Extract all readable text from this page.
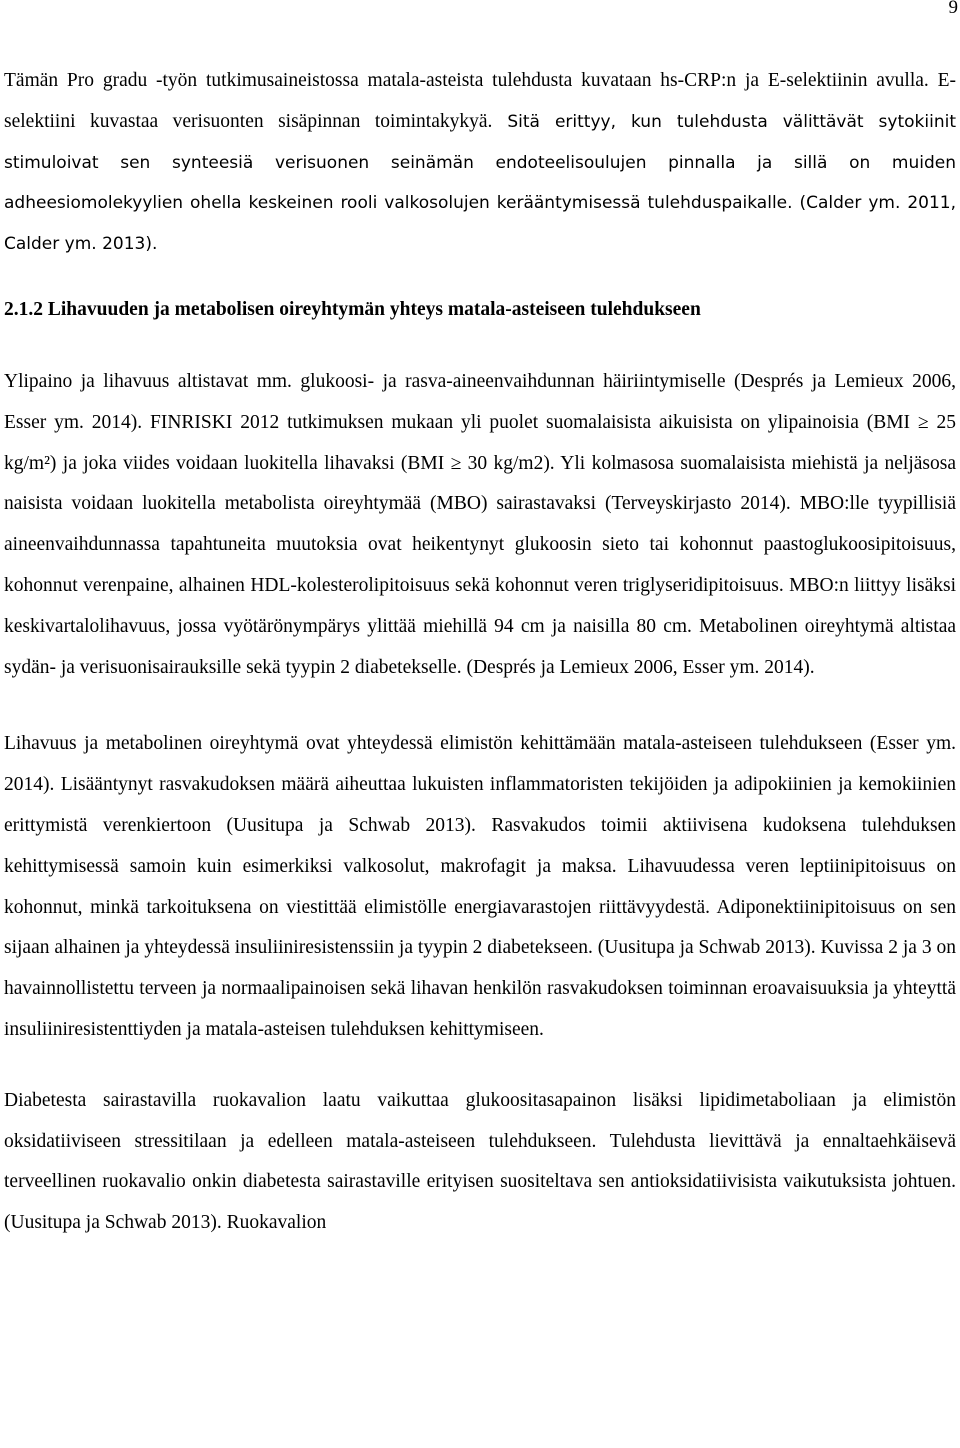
9

Tämän Pro gradu -työn tutkimusaineistossa matala-asteista tulehdusta kuvataan hs-CRP:n ja E-selektiinin avulla. E-selektiini kuvastaa verisuonten sisäpinnan toimintakykyä. Sitä erittyy, kun tulehdusta välittävät sytokiinit stimuloivat sen synteesiä verisuonen seinämän endoteelisoulujen pinnalla ja sillä on muiden adheesiomolekyylien ohella keskeinen rooli valkosolujen kerääntymisessä tulehduspaikalle. (Calder ym. 2011, Calder ym. 2013).

2.1.2 Lihavuuden ja metabolisen oireyhtymän yhteys matala-asteiseen tulehdukseen

Ylipaino ja lihavuus altistavat mm. glukoosi- ja rasva-aineenvaihdunnan häiriintymiselle (Després ja Lemieux 2006, Esser ym. 2014). FINRISKI 2012 tutkimuksen mukaan yli puolet suomalaisista aikuisista on ylipainoisia (BMI ≥ 25 kg/m²) ja joka viides voidaan luokitella lihavaksi (BMI ≥ 30 kg/m2). Yli kolmasosa suomalaisista miehistä ja neljäsosa naisista voidaan luokitella metabolista oireyhtymää (MBO) sairastavaksi (Terveyskirjasto 2014). MBO:lle tyypillisiä aineenvaihdunnassa tapahtuneita muutoksia ovat heikentynyt glukoosin sieto tai kohonnut paastoglukoosipitoisuus, kohonnut verenpaine, alhainen HDL-kolesterolipitoisuus sekä kohonnut veren triglyseridipitoisuus. MBO:n liittyy lisäksi keskivartalolihavuus, jossa vyötärönympärys ylittää miehillä 94 cm ja naisilla 80 cm. Metabolinen oireyhtymä altistaa sydän- ja verisuonisairauksille sekä tyypin 2 diabetekselle. (Després ja Lemieux 2006, Esser ym. 2014).

Lihavuus ja metabolinen oireyhtymä ovat yhteydessä elimistön kehittämään matala-asteiseen tulehdukseen (Esser ym. 2014). Lisääntynyt rasvakudoksen määrä aiheuttaa lukuisten inflammatoristen tekijöiden ja adipokiinien ja kemokiinien erittymistä verenkiertoon (Uusitupa ja Schwab 2013). Rasvakudos toimii aktiivisena kudoksena tulehduksen kehittymisessä samoin kuin esimerkiksi valkosolut, makrofagit ja maksa. Lihavuudessa veren leptiinipitoisuus on kohonnut, minkä tarkoituksena on viestittää elimistölle energiavarastojen riittävyydestä. Adiponektiinipitoisuus on sen sijaan alhainen ja yhteydessä insuliiniresistenssiin ja tyypin 2 diabetekseen. (Uusitupa ja Schwab 2013). Kuvissa 2 ja 3 on havainnollistettu terveen ja normaalipainoisen sekä lihavan henkilön rasvakudoksen toiminnan eroavaisuuksia ja yhteyttä insuliiniresistenttiyden ja matala-asteisen tulehduksen kehittymiseen.

Diabetesta sairastavilla ruokavalion laatu vaikuttaa glukoositasapainon lisäksi lipidimetaboliaan ja elimistön oksidatiiviseen stressitilaan ja edelleen matala-asteiseen tulehdukseen. Tulehdusta lievittävä ja ennaltaehkäisevä terveellinen ruokavalio onkin diabetesta sairastaville erityisen suositeltava sen antioksidatiivisista vaikutuksista johtuen. (Uusitupa ja Schwab 2013). Ruokavalion
